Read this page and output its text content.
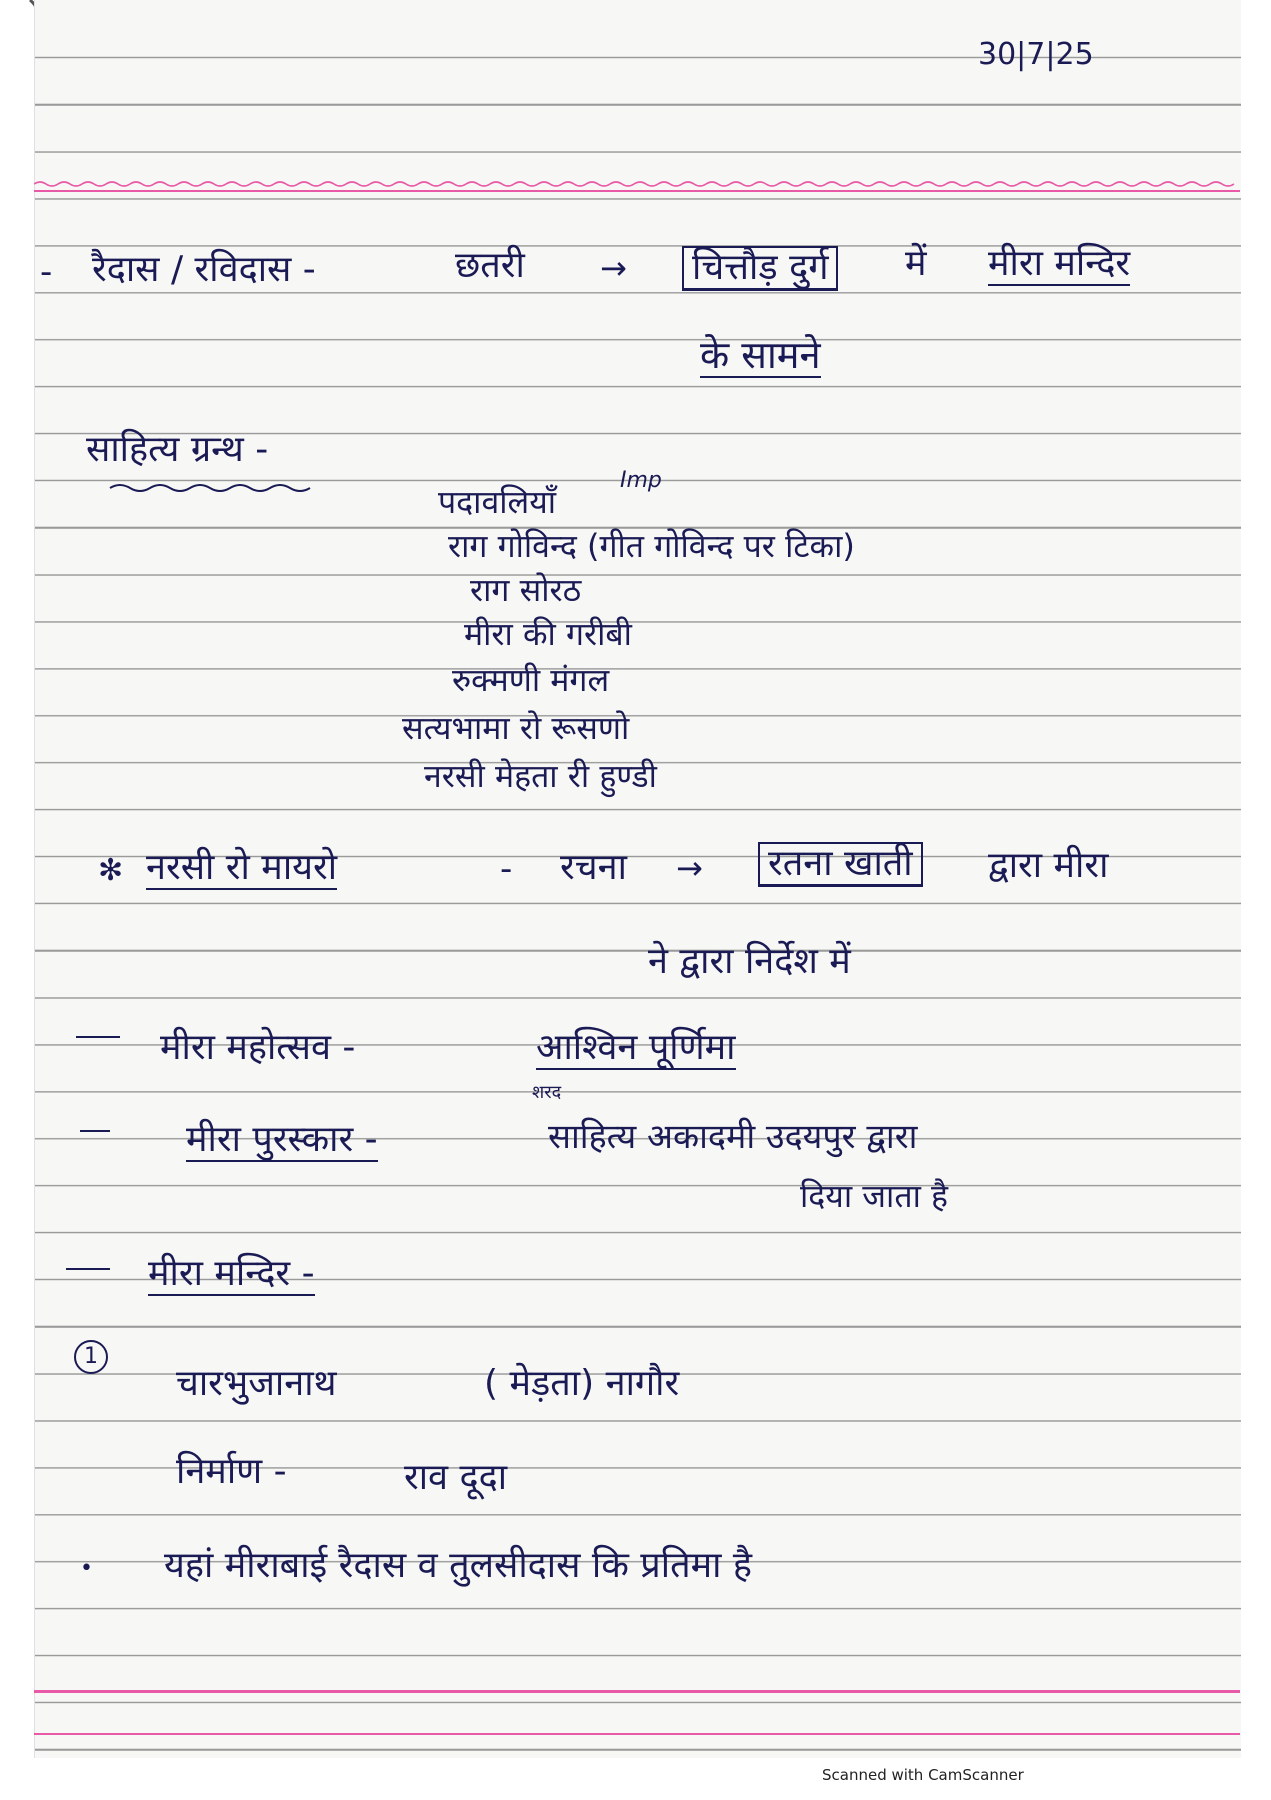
30|7|25
- रैदास / रविदास -	छतरी → चित्तौड़ दुर्ग में मीरा मन्दिर
के सामने
साहित्य ग्रन्थ -
Imp
पदावलियाँ
राग गोविन्द (गीत गोविन्द पर टिका)
राग सोरठ
मीरा की गरीबी
रुक्मणी मंगल
सत्यभामा रो रूसणो
नरसी मेहता री हुण्डी
✻ नरसी रो मायरो	- रचना → रतना खाती द्वारा मीरा
ने द्वारा निर्देश में
मीरा महोत्सव -	आश्विन पूर्णिमा
शरद
मीरा पुरस्कार -	साहित्य अकादमी उदयपुर द्वारा
दिया जाता है
मीरा मन्दिर -
1
चारभुजानाथ	( मेड़ता) नागौर
निर्माण -	राव दूदा
• यहां मीराबाई रैदास व तुलसीदास कि प्रतिमा है
Scanned with CamScanner
